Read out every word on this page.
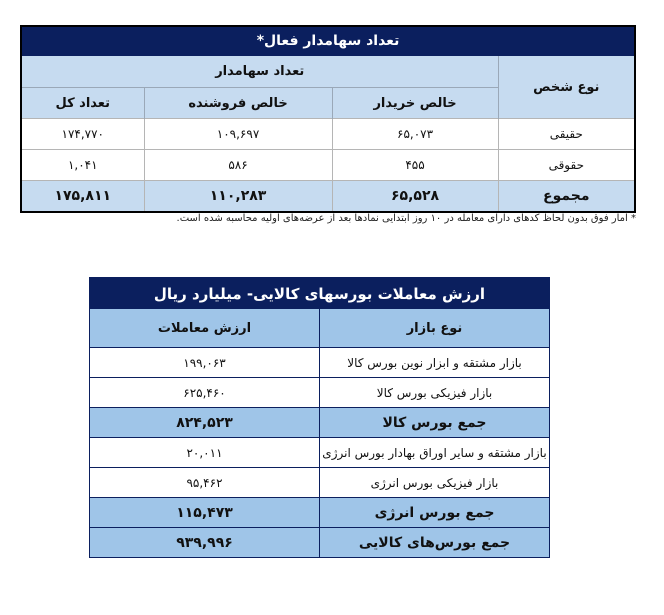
تعداد سهامدار فعال*			
نوع شخص	تعداد سهامدار		
	خالص خریدار	خالص فروشنده	تعداد کل
حقیقی	۶۵,۰۷۳	۱۰۹,۶۹۷	۱۷۴,۷۷۰
حقوقی	۴۵۵	۵۸۶	۱,۰۴۱
مجموع	۶۵,۵۲۸	۱۱۰,۲۸۳	۱۷۵,۸۱۱
* آمار فوق بدون لحاظ کدهای دارای معامله در ۱۰ روز ابتدایی نمادها بعد از عرضه‌های اولیه محاسبه شده است.
ارزش معاملات بورسهای کالایی- میلیارد ریال	
نوع بازار	ارزش معاملات
بازار مشتقه و ابزار نوین بورس کالا	۱۹۹,۰۶۳
بازار فیزیکی بورس کالا	۶۲۵,۴۶۰
جمع بورس کالا	۸۲۴,۵۲۳
بازار مشتقه و سایر اوراق بهادار بورس انرژی	۲۰,۰۱۱
بازار فیزیکی بورس انرژی	۹۵,۴۶۲
جمع بورس انرژی	۱۱۵,۴۷۳
جمع بورس‌های کالایی	۹۳۹,۹۹۶
